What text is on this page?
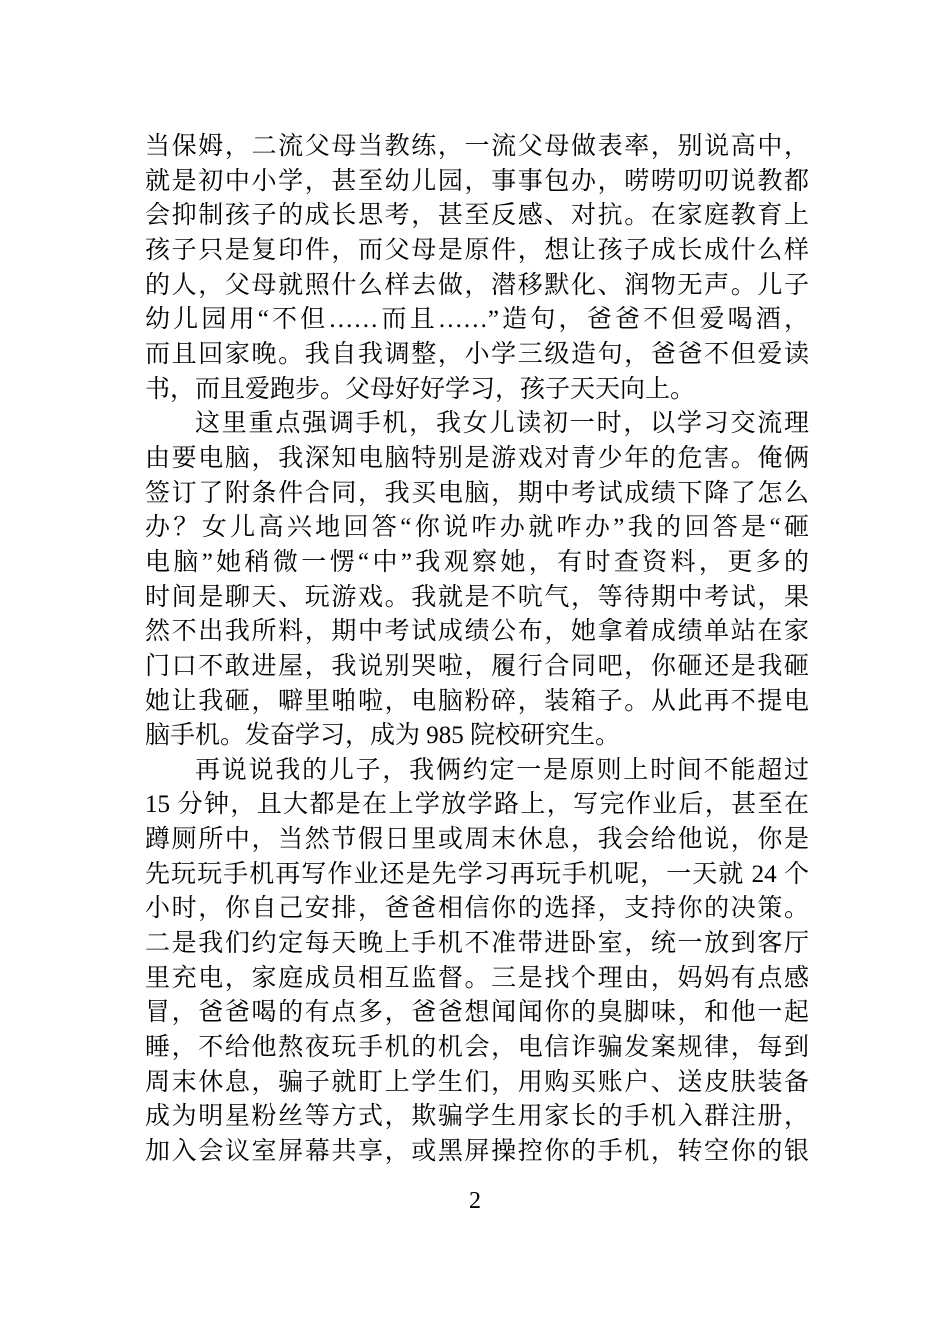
当保姆，二流父母当教练，一流父母做表率，别说高中，
就是初中小学，甚至幼儿园，事事包办，唠唠叨叨说教都
会抑制孩子的成长思考，甚至反感、对抗。在家庭教育上
孩子只是复印件，而父母是原件，想让孩子成长成什么样
的人，父母就照什么样去做，潜移默化、润物无声。儿子
幼儿园用“不但……而且……”造句，爸爸不但爱喝酒，
而且回家晚。我自我调整，小学三级造句，爸爸不但爱读
书，而且爱跑步。父母好好学习，孩子天天向上。
这里重点强调手机，我女儿读初一时，以学习交流理
由要电脑，我深知电脑特别是游戏对青少年的危害。俺俩
签订了附条件合同，我买电脑，期中考试成绩下降了怎么
办？女儿高兴地回答“你说咋办就咋办”我的回答是“砸
电脑”她稍微一愣“中”我观察她，有时查资料，更多的
时间是聊天、玩游戏。我就是不吭气，等待期中考试，果
然不出我所料，期中考试成绩公布，她拿着成绩单站在家
门口不敢进屋，我说别哭啦，履行合同吧，你砸还是我砸
她让我砸，噼里啪啦，电脑粉碎，装箱子。从此再不提电
脑手机。发奋学习，成为 985 院校研究生。
再说说我的儿子，我俩约定一是原则上时间不能超过
15 分钟，且大都是在上学放学路上，写完作业后，甚至在
蹲厕所中，当然节假日里或周末休息，我会给他说，你是
先玩玩手机再写作业还是先学习再玩手机呢，一天就 24 个
小时，你自己安排，爸爸相信你的选择，支持你的决策。
二是我们约定每天晚上手机不准带进卧室，统一放到客厅
里充电，家庭成员相互监督。三是找个理由，妈妈有点感
冒，爸爸喝的有点多，爸爸想闻闻你的臭脚味，和他一起
睡，不给他熬夜玩手机的机会，电信诈骗发案规律，每到
周末休息，骗子就盯上学生们，用购买账户、送皮肤装备
成为明星粉丝等方式，欺骗学生用家长的手机入群注册，
加入会议室屏幕共享，或黑屏操控你的手机，转空你的银
2
